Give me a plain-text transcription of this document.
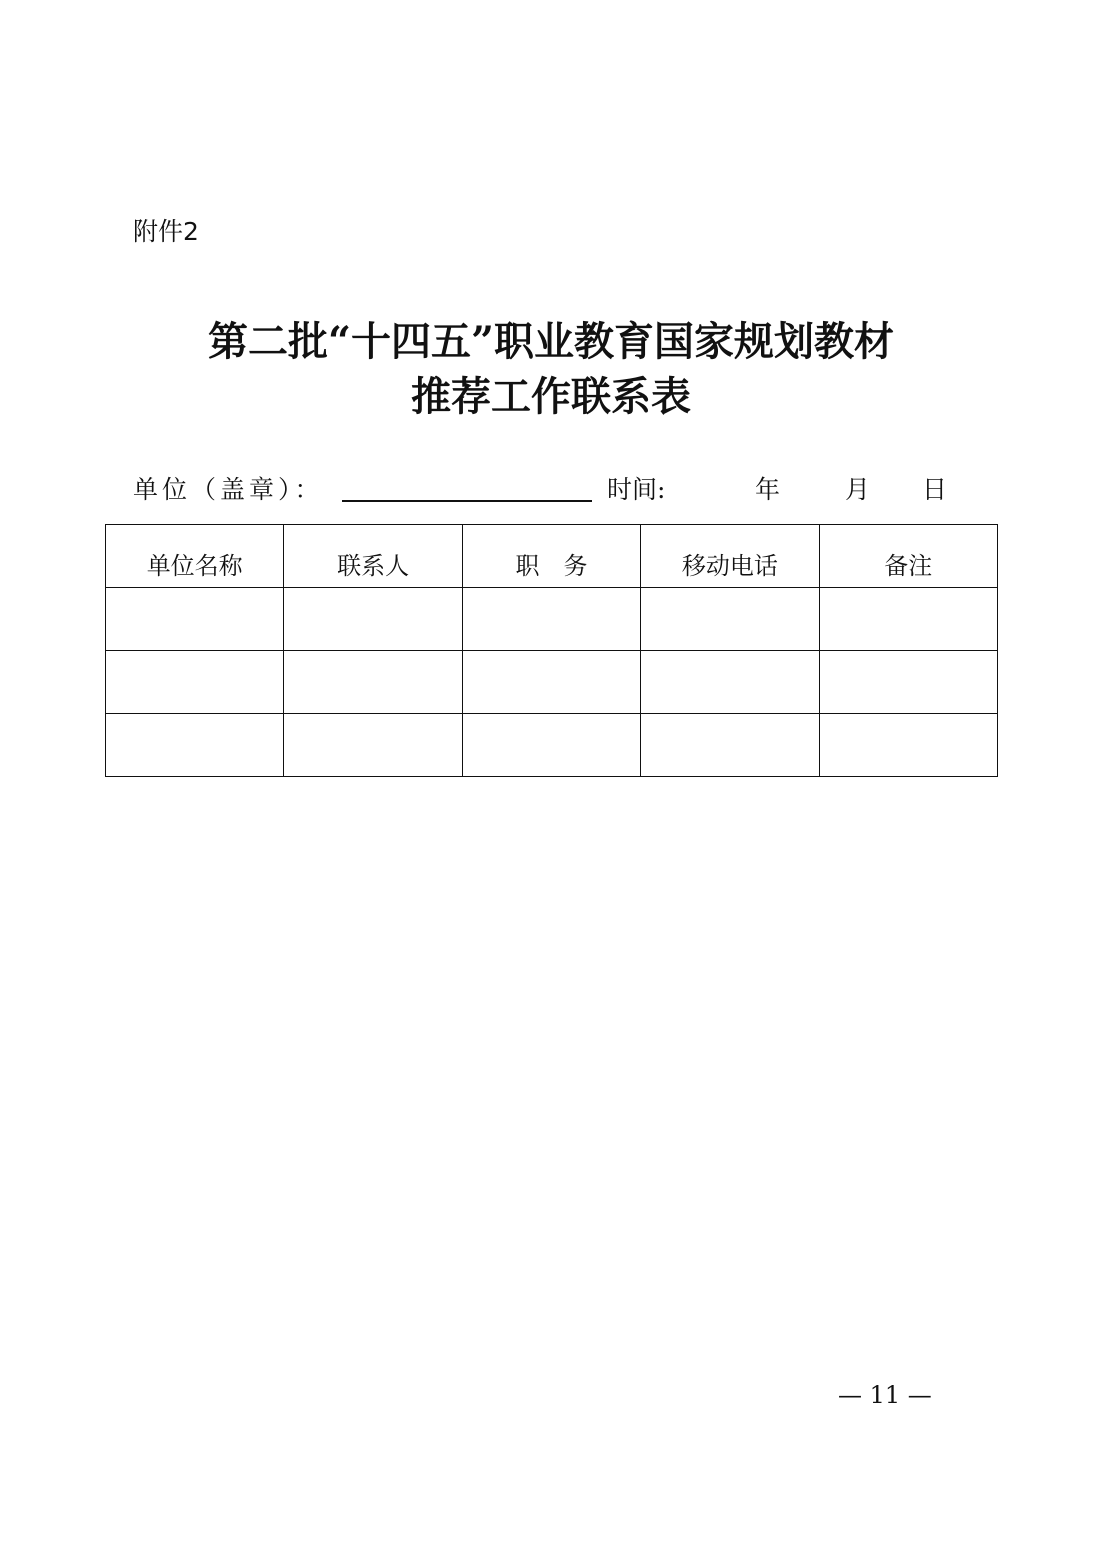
附件2
第二批“十四五”职业教育国家规划教材
推荐工作联系表
单位（盖章）：	时间:	年	月 日
单位名称	联系人	职　务	移动电话	备注

— 11 —
